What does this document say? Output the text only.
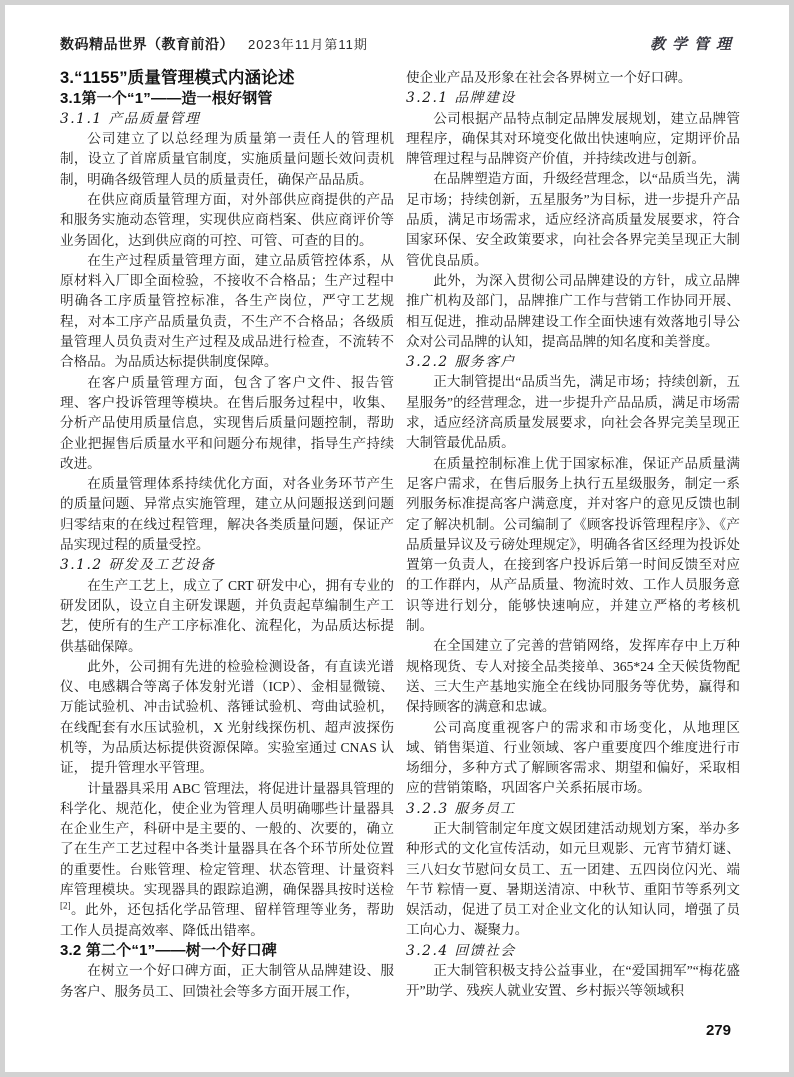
数码精品世界（教育前沿） 2023年11月第11期	教学管理
3.“1155”质量管理模式内涵论述
3.1第一个“1”——造一根好钢管
3.1.1 产品质量管理

公司建立了以总经理为质量第一责任人的管理机制，设立了首席质量官制度，实施质量问题长效问责机制，明确各级管理人员的质量责任，确保产品品质。

在供应商质量管理方面，对外部供应商提供的产品和服务实施动态管理，实现供应商档案、供应商评价等业务固化，达到供应商的可控、可管、可查的目的。

在生产过程质量管理方面，建立品质管控体系，从原材料入厂即全面检验，不接收不合格品；生产过程中明确各工序质量管控标准，各生产岗位，严守工艺规程，对本工序产品质量负责，不生产不合格品；各级质量管理人员负责对生产过程及成品进行检查，不流转不合格品。为品质达标提供制度保障。

在客户质量管理方面，包含了客户文件、报告管理、客户投诉管理等模块。在售后服务过程中，收集、分析产品使用质量信息，实现售后质量问题控制，帮助企业把握售后质量水平和问题分布规律，指导生产持续改进。

在质量管理体系持续优化方面，对各业务环节产生的质量问题、异常点实施管理，建立从问题报送到问题归零结束的在线过程管理，解决各类质量问题，保证产品实现过程的质量受控。

3.1.2 研发及工艺设备

在生产工艺上，成立了 CRT 研发中心，拥有专业的研发团队，设立自主研发课题，并负责起草编制生产工艺，使所有的生产工序标准化、流程化，为品质达标提供基础保障。

此外，公司拥有先进的检验检测设备，有直读光谱仪、电感耦合等离子体发射光谱（ICP）、金相显微镜、万能试验机、冲击试验机、落锤试验机、弯曲试验机，在线配套有水压试验机，X 光射线探伤机、超声波探伤机等，为品质达标提供资源保障。实验室通过 CNAS 认证， 提升管理水平管理。

计量器具采用 ABC 管理法，将促进计量器具管理的科学化、规范化，使企业为管理人员明确哪些计量器具在企业生产，科研中是主要的、一般的、次要的，确立了在生产工艺过程中各类计量器具在各个环节所处位置的重要性。台账管理、检定管理、状态管理、计量资料库管理模块。实现器具的跟踪追溯，确保器具按时送检[2]。此外，还包括化学品管理、留样管理等业务，帮助工作人员提高效率、降低出错率。

3.2 第二个“1”——树一个好口碑

在树立一个好口碑方面，正大制管从品牌建设、服务客户、服务员工、回馈社会等多方面开展工作，

使企业产品及形象在社会各界树立一个好口碑。

3.2.1 品牌建设

公司根据产品特点制定品牌发展规划，建立品牌管理程序，确保其对环境变化做出快速响应，定期评价品牌管理过程与品牌资产价值，并持续改进与创新。

在品牌塑造方面，升级经营理念，以“品质当先，满足市场；持续创新，五星服务”为目标，进一步提升产品品质，满足市场需求，适应经济高质量发展要求，符合国家环保、安全政策要求，向社会各界完美呈现正大制管优良品质。

此外，为深入贯彻公司品牌建设的方针，成立品牌推广机构及部门，品牌推广工作与营销工作协同开展、相互促进，推动品牌建设工作全面快速有效落地引导公众对公司品牌的认知，提高品牌的知名度和美誉度。

3.2.2 服务客户

正大制管提出“品质当先，满足市场；持续创新，五星服务”的经营理念，进一步提升产品品质，满足市场需求，适应经济高质量发展要求，向社会各界完美呈现正大制管最优品质。

在质量控制标准上优于国家标准，保证产品质量满足客户需求，在售后服务上执行五星级服务，制定一系列服务标准提高客户满意度，并对客户的意见反馈也制定了解决机制。公司编制了《顾客投诉管理程序》、《产品质量异议及亏磅处理规定》，明确各省区经理为投诉处置第一负责人，在接到客户投诉后第一时间反馈至对应的工作群内，从产品质量、物流时效、工作人员服务意识等进行划分，能够快速响应，并建立严格的考核机制。

在全国建立了完善的营销网络，发挥库存中上万种规格现货、专人对接全品类接单、365*24 全天候货物配送、三大生产基地实施全在线协同服务等优势，赢得和保持顾客的满意和忠诚。

公司高度重视客户的需求和市场变化，从地理区域、销售渠道、行业领域、客户重要度四个维度进行市场细分，多种方式了解顾客需求、期望和偏好，采取相应的营销策略，巩固客户关系拓展市场。

3.2.3 服务员工

正大制管制定年度文娱团建活动规划方案，举办多种形式的文化宣传活动，如元旦观影、元宵节猜灯谜、三八妇女节慰问女员工、五一团建、五四岗位闪光、端午节 粽情一夏、暑期送清凉、中秋节、重阳节等系列文娱活动，促进了员工对企业文化的认知认同，增强了员工向心力、凝聚力。

3.2.4 回馈社会

正大制管积极支持公益事业，在“爱国拥军”“梅花盛开”助学、残疾人就业安置、乡村振兴等领域积

279
